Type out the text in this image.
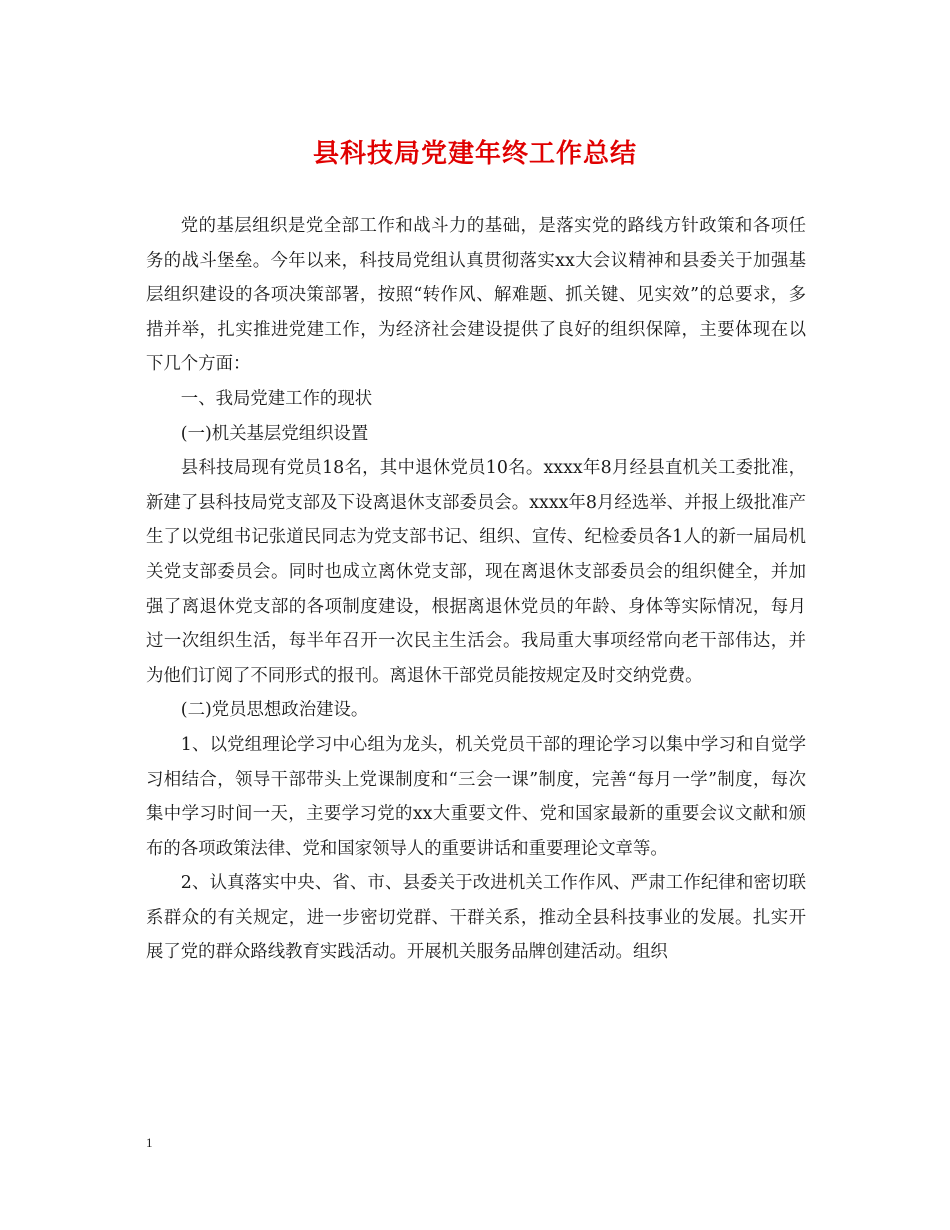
县科技局党建年终工作总结

党的基层组织是党全部工作和战斗力的基础，是落实党的路线方针政策和各项任务的战斗堡垒。今年以来，科技局党组认真贯彻落实xx大会议精神和县委关于加强基层组织建设的各项决策部署，按照“转作风、解难题、抓关键、见实效”的总要求，多措并举，扎实推进党建工作，为经济社会建设提供了良好的组织保障，主要体现在以下几个方面：

一、我局党建工作的现状

(一)机关基层党组织设置

县科技局现有党员18名，其中退休党员10名。xxxx年8月经县直机关工委批准，新建了县科技局党支部及下设离退休支部委员会。xxxx年8月经选举、并报上级批准产生了以党组书记张道民同志为党支部书记、组织、宣传、纪检委员各1人的新一届局机关党支部委员会。同时也成立离休党支部，现在离退休支部委员会的组织健全，并加强了离退休党支部的各项制度建设，根据离退休党员的年龄、身体等实际情况，每月过一次组织生活，每半年召开一次民主生活会。我局重大事项经常向老干部伟达，并为他们订阅了不同形式的报刊。离退休干部党员能按规定及时交纳党费。

(二)党员思想政治建设。

1、以党组理论学习中心组为龙头，机关党员干部的理论学习以集中学习和自觉学习相结合，领导干部带头上党课制度和“三会一课”制度，完善“每月一学”制度，每次集中学习时间一天，主要学习党的xx大重要文件、党和国家最新的重要会议文献和颁布的各项政策法律、党和国家领导人的重要讲话和重要理论文章等。

2、认真落实中央、省、市、县委关于改进机关工作作风、严肃工作纪律和密切联系群众的有关规定，进一步密切党群、干群关系，推动全县科技事业的发展。扎实开展了党的群众路线教育实践活动。开展机关服务品牌创建活动。组织

1
